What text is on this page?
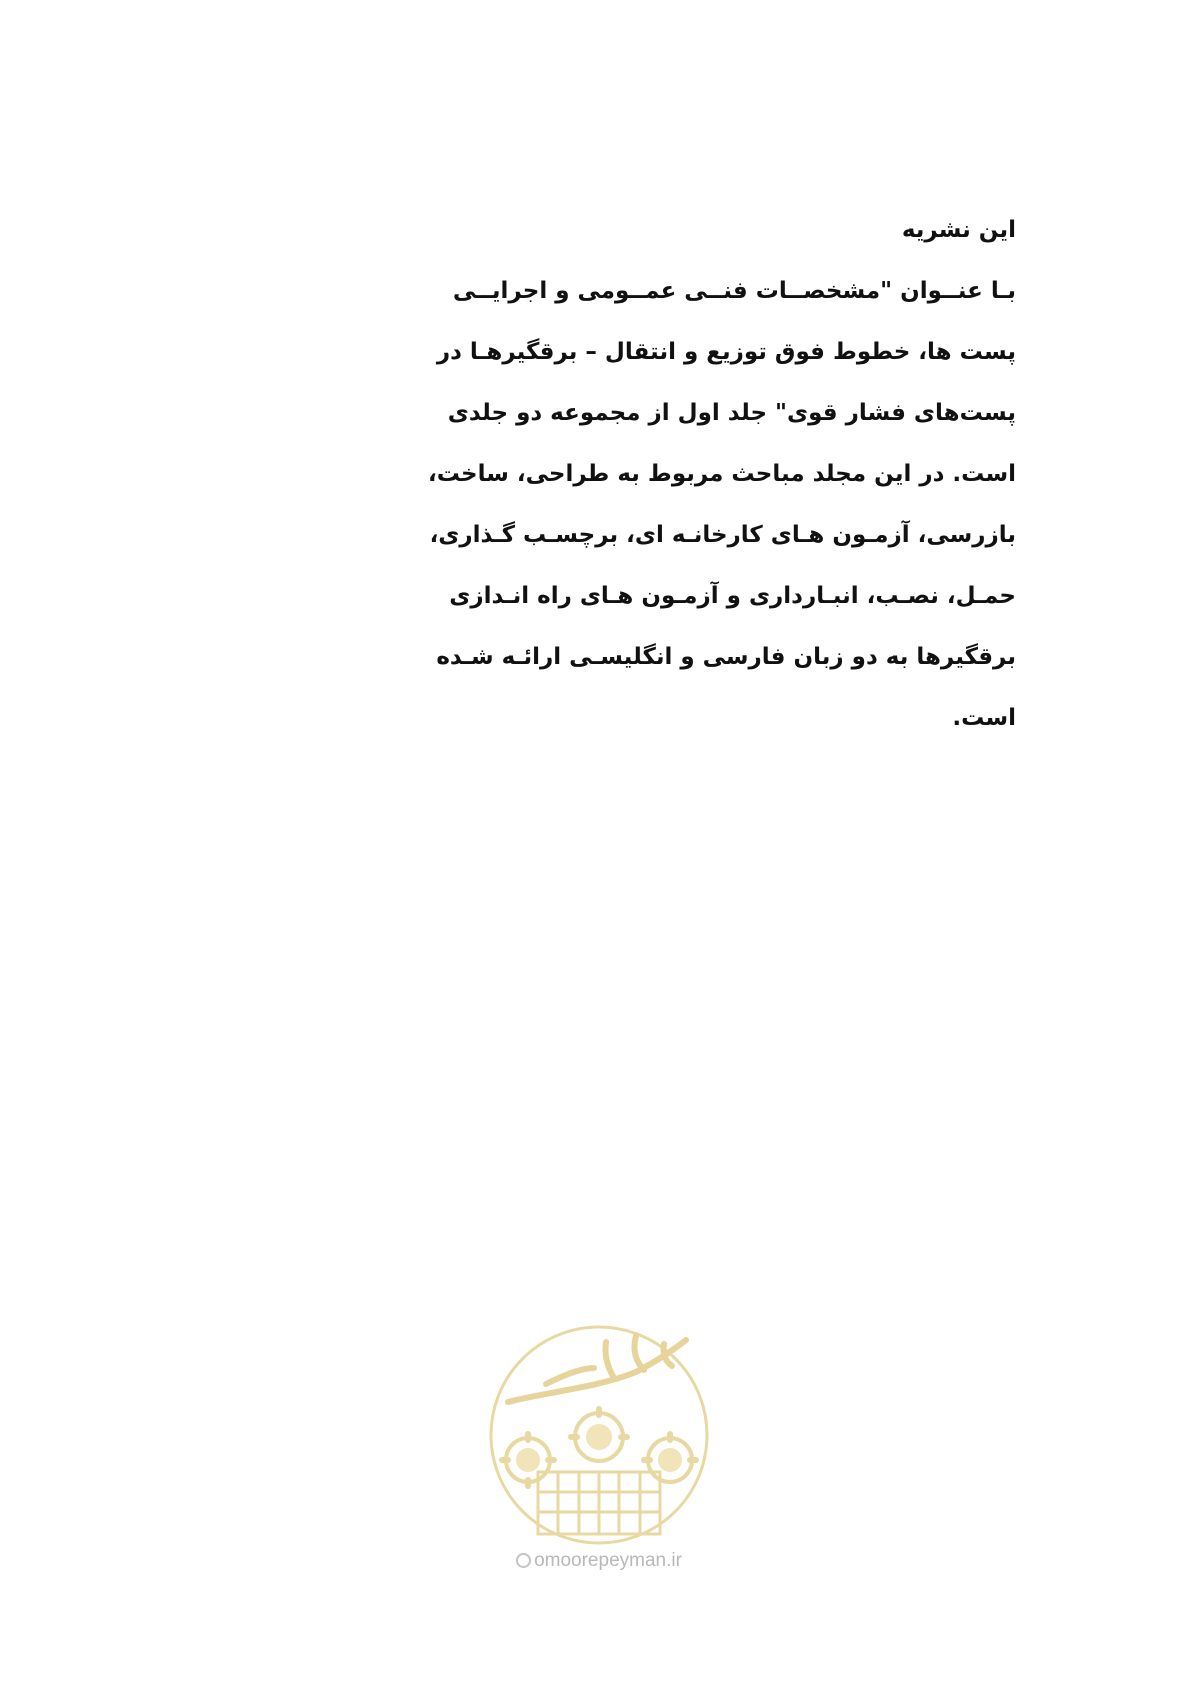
این نشریه
بـا عنــوان "مشخصــات فنــی عمــومی و اجرایــی
پست ها، خطوط فوق توزیع و انتقال – برقگیرهـا در
پست‌های فشار قوی" جلد اول از مجموعه دو جلدی
است. در این مجلد مباحث مربوط به طراحی، ساخت،
بازرسی، آزمـون هـای کارخانـه ای، برچسـب گـذاری،
حمـل، نصـب، انبـارداری و آزمـون هـای راه انـدازی
برقگیرها به دو زبان فارسی و انگلیسـی ارائـه شـده
است.
omoorepeyman.ir
